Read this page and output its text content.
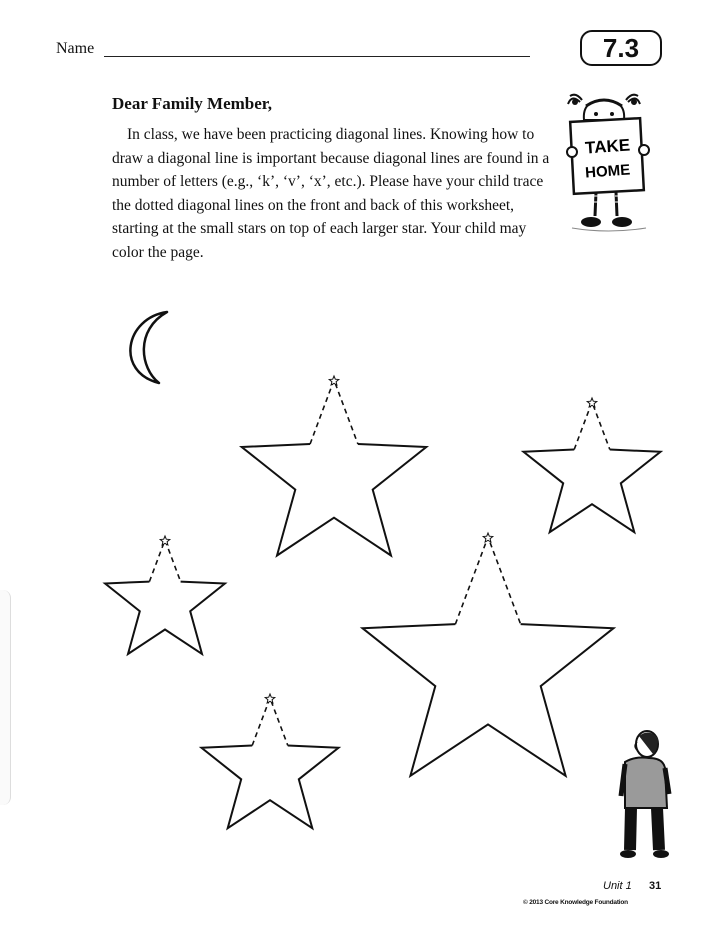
Name	7.3

Dear Family Member,

In class, we have been practicing diagonal lines. Knowing how to draw a diagonal line is important because diagonal lines are found in a number of letters (e.g., ‘k’, ‘v’, ‘x’, etc.). Please have your child trace the dotted diagonal lines on the front and back of this worksheet, starting at the small stars on top of each larger star. Your child may color the page.

TAKE
HOME
Unit 1 31
© 2013 Core Knowledge Foundation
